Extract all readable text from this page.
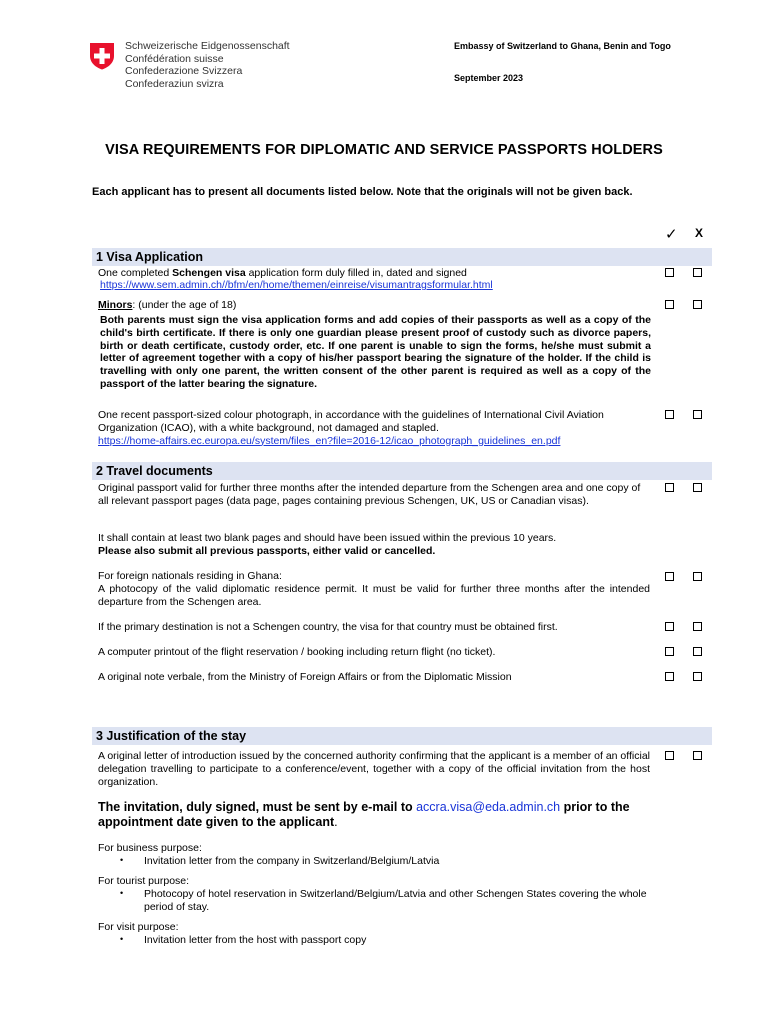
Schweizerische Eidgenossenschaft
Confédération suisse
Confederazione Svizzera
Confederaziun svizra
Embassy of Switzerland to Ghana, Benin and Togo
September 2023
VISA REQUIREMENTS FOR DIPLOMATIC AND SERVICE PASSPORTS HOLDERS
Each applicant has to present all documents listed below. Note that the originals will not be given back.
✓ X
1 Visa Application
One completed Schengen visa application form duly filled in, dated and signed
https://www.sem.admin.ch//bfm/en/home/themen/einreise/visumantragsformular.html
Minors: (under the age of 18)
Both parents must sign the visa application forms and add copies of their passports as well as a copy of the child's birth certificate. If there is only one guardian please present proof of custody such as divorce papers, birth or death certificate, custody order, etc. If one parent is unable to sign the forms, he/she must submit a letter of agreement together with a copy of his/her passport bearing the signature of the holder. If the child is travelling with only one parent, the written consent of the other parent is required as well as a copy of the passport of the latter bearing the signature.
One recent passport-sized colour photograph, in accordance with the guidelines of International Civil Aviation Organization (ICAO), with a white background, not damaged and stapled.
https://home-affairs.ec.europa.eu/system/files_en?file=2016-12/icao_photograph_guidelines_en.pdf
2 Travel documents
Original passport valid for further three months after the intended departure from the Schengen area and one copy of all relevant passport pages (data page, pages containing previous Schengen, UK, US or Canadian visas).
It shall contain at least two blank pages and should have been issued within the previous 10 years.
Please also submit all previous passports, either valid or cancelled.
For foreign nationals residing in Ghana:
A photocopy of the valid diplomatic residence permit. It must be valid for further three months after the intended departure from the Schengen area.
If the primary destination is not a Schengen country, the visa for that country must be obtained first.
A computer printout of the flight reservation / booking including return flight (no ticket).
A original note verbale, from the Ministry of Foreign Affairs or from the Diplomatic Mission
3 Justification of the stay
A original letter of introduction issued by the concerned authority confirming that the applicant is a member of an official delegation travelling to participate to a conference/event, together with a copy of the official invitation from the host organization.
The invitation, duly signed, must be sent by e-mail to accra.visa@eda.admin.ch prior to the appointment date given to the applicant.
For business purpose:
• Invitation letter from the company in Switzerland/Belgium/Latvia
For tourist purpose:
• Photocopy of hotel reservation in Switzerland/Belgium/Latvia and other Schengen States covering the whole period of stay.
For visit purpose:
• Invitation letter from the host with passport copy
